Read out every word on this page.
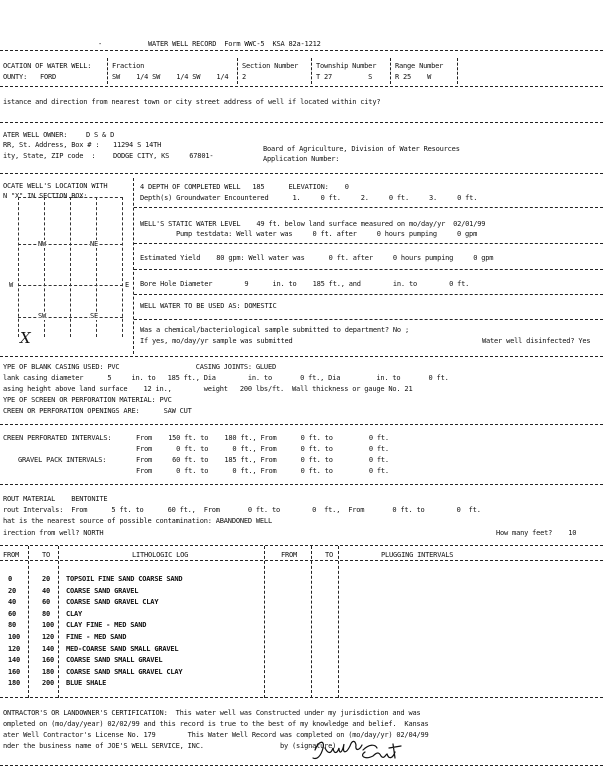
-	WATER WELL RECORD  Form WWC-5  KSA 82a-1212
OCATION OF WATER WELL:
OUNTY: FORD
Fraction
SW    1/4 SW    1/4 SW    1/4
Section Number
2
Township Number
T 27         S
Range Number
R 25    W
istance and direction from nearest town or city street address of well if located within city?
ATER WELL OWNER:	D S & D
RR, St. Address, Box # : 11294 S 14TH
ity, State, ZIP code  :	DODGE CITY, KS     67801-
Board of Agriculture, Division of Water Resources
Application Number:
OCATE WELL'S LOCATION WITH
N "X" IN SECTION BOX:
NW	NE
SW	SE
W	E
X
4 DEPTH OF COMPLETED WELL   185      ELEVATION:    0
Depth(s) Groundwater Encountered      1.     0 ft.     2.     0 ft.     3.     0 ft.
WELL'S STATIC WATER LEVEL    49 ft. below land surface measured on mo/day/yr  02/01/99
Pump testdata: Well water was     0 ft. after     0 hours pumping     0 gpm
Estimated Yield    80 gpm: Well water was      0 ft. after     0 hours pumping     0 gpm
Bore Hole Diameter        9      in. to    185 ft., and        in. to        0 ft.
WELL WATER TO BE USED AS: DOMESTIC
Was a chemical/bacteriological sample submitted to department? No ;
If yes, mo/day/yr sample was submitted	Water well disinfected? Yes
YPE OF BLANK CASING USED: PVC                   CASING JOINTS: GLUED
lank casing diameter      5     in. to   185 ft., Dia        in. to       0 ft., Dia         in. to       0 ft.
asing height above land surface    12 in.,        weight   200 lbs/ft.  Wall thickness or gauge No. 21
YPE OF SCREEN OR PERFORATION MATERIAL: PVC
CREEN OR PERFORATION OPENINGS ARE:      SAW CUT
CREEN PERFORATED INTERVALS:	From    150 ft. to    180 ft., From      0 ft. to         0 ft.
From      0 ft. to      0 ft., From      0 ft. to         0 ft.
GRAVEL PACK INTERVALS:	From     60 ft. to    185 ft., From      0 ft. to         0 ft.
From      0 ft. to      0 ft., From      0 ft. to         0 ft.
ROUT MATERIAL    BENTONITE
rout Intervals:  From      5 ft. to      60 ft.,  From       0 ft. to        0  ft.,  From       0 ft. to        0  ft.
hat is the nearest source of possible contamination: ABANDONED WELL
irection from well? NORTH	How many feet?    10
FROM	TO	LITHOLOGIC LOG	FROM	TO	PLUGGING INTERVALS
0	20 TOPSOIL FINE SAND COARSE SAND
20	40 COARSE SAND GRAVEL
40	60 COARSE SAND GRAVEL CLAY
60	80 CLAY
80	100 CLAY FINE - MED SAND
100	120 FINE - MED SAND
120	140 MED-COARSE SAND SMALL GRAVEL
140	160 COARSE SAND SMALL GRAVEL
160	180 COARSE SAND SMALL GRAVEL CLAY
180	200 BLUE SHALE
ONTRACTOR'S OR LANDOWNER'S CERTIFICATION:  This water well was Constructed under my jurisdiction and was
ompleted on (mo/day/year) 02/02/99 and this record is true to the best of my knowledge and belief.  Kansas
ater Well Contractor's License No. 179        This Water Well Record was completed on (mo/day/yr) 02/04/99
nder the business name of JOE'S WELL SERVICE, INC.                   by (signature)
